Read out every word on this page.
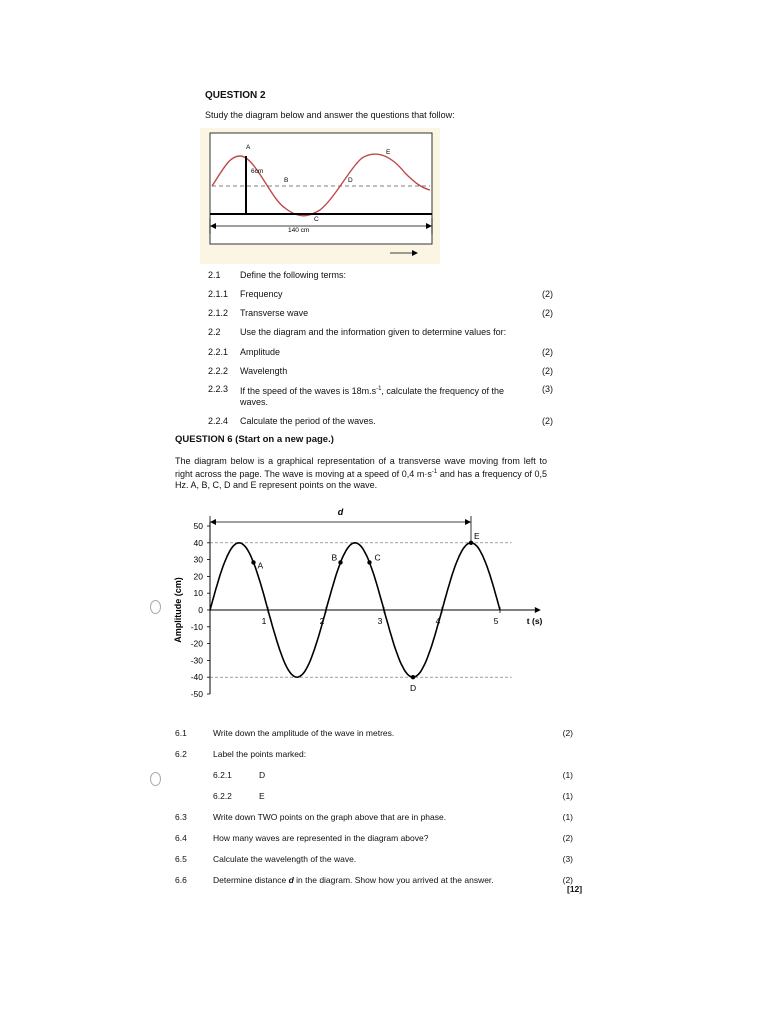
QUESTION 2
Study the diagram below and answer the questions that follow:
A
6cm
B	D
E
C
140 cm
2.1 Define the following terms:
2.1.1 Frequency	(2)
2.1.2 Transverse wave	(2)
2.2 Use the diagram and the information given to determine values for:
2.2.1 Amplitude	(2)
2.2.2 Wavelength	(2)
2.2.3 If the speed of the waves is $18m.s^{-1}$, calculate the frequency of the waves.
(3)
2.2.4 Calculate the period of the waves.	(2)
QUESTION 6 (Start on a new page.)
The diagram below is a graphical representation of a transverse wave moving from left to right across the page. The wave is moving at a speed of 0,4 $m\cdot s^{-1}$ and has a frequency of 0,5 Hz. A, B, C, D and E represent points on the wave.
50
40
30
20
10
0
-10
-20
-30
-40
-50
1	2	3	4	5	t (s)
Amplitude (cm)
A
B	C
D
E
d
6.1	Write down the amplitude of the wave in metres.	(2)
6.2	Label the points marked:
6.2.1	D	(1)
6.2.2	E	(1)
6.3	Write down TWO points on the graph above that are in phase.	(1)
6.4	How many waves are represented in the diagram above?	(2)
6.5	Calculate the wavelength of the wave.	(3)
6.6	Determine distance d in the diagram. Show how you arrived at the answer.	(2)
[12]
